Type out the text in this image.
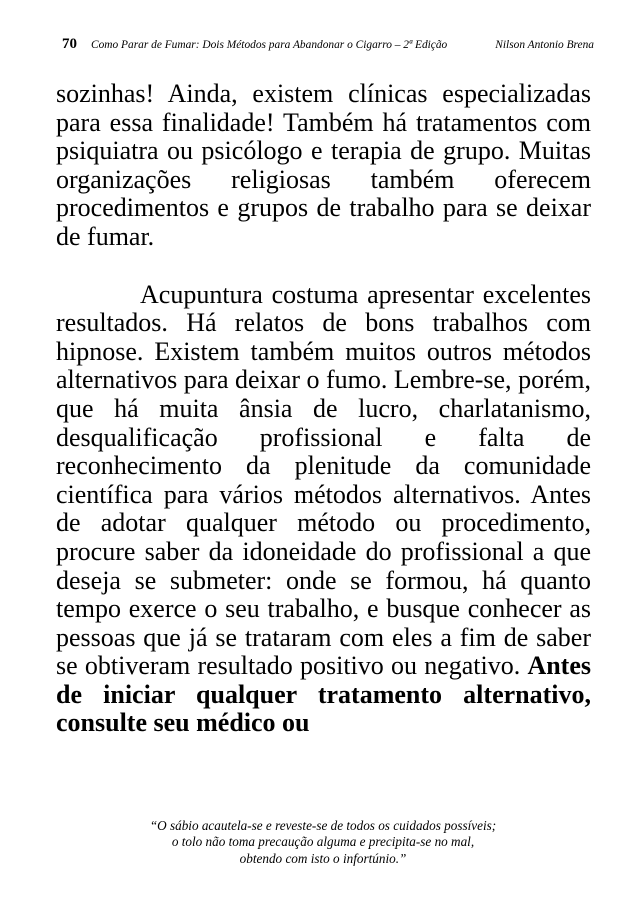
70 Como Parar de Fumar: Dois Métodos para Abandonar o Cigarro – 2ª Edição	Nilson Antonio Brena

sozinhas! Ainda, existem clínicas especializadas para essa finalidade! Também há tratamentos com psiquiatra ou psicólogo e terapia de grupo. Muitas organizações religiosas também oferecem procedimentos e grupos de trabalho para se deixar de fumar.

Acupuntura costuma apresentar excelentes resultados. Há relatos de bons trabalhos com hipnose. Existem também muitos outros métodos alternativos para deixar o fumo. Lembre-se, porém, que há muita ânsia de lucro, charlatanismo, desqualificação profissional e falta de reconhecimento da plenitude da comunidade científica para vários métodos alternativos. Antes de adotar qualquer método ou procedimento, procure saber da idoneidade do profissional a que deseja se submeter: onde se formou, há quanto tempo exerce o seu trabalho, e busque conhecer as pessoas que já se trataram com eles a fim de saber se obtiveram resultado positivo ou negativo. Antes de iniciar qualquer tratamento alternativo, consulte seu médico ou

“O sábio acautela-se e reveste-se de todos os cuidados possíveis;
o tolo não toma precaução alguma e precipita-se no mal,
obtendo com isto o infortúnio.”
